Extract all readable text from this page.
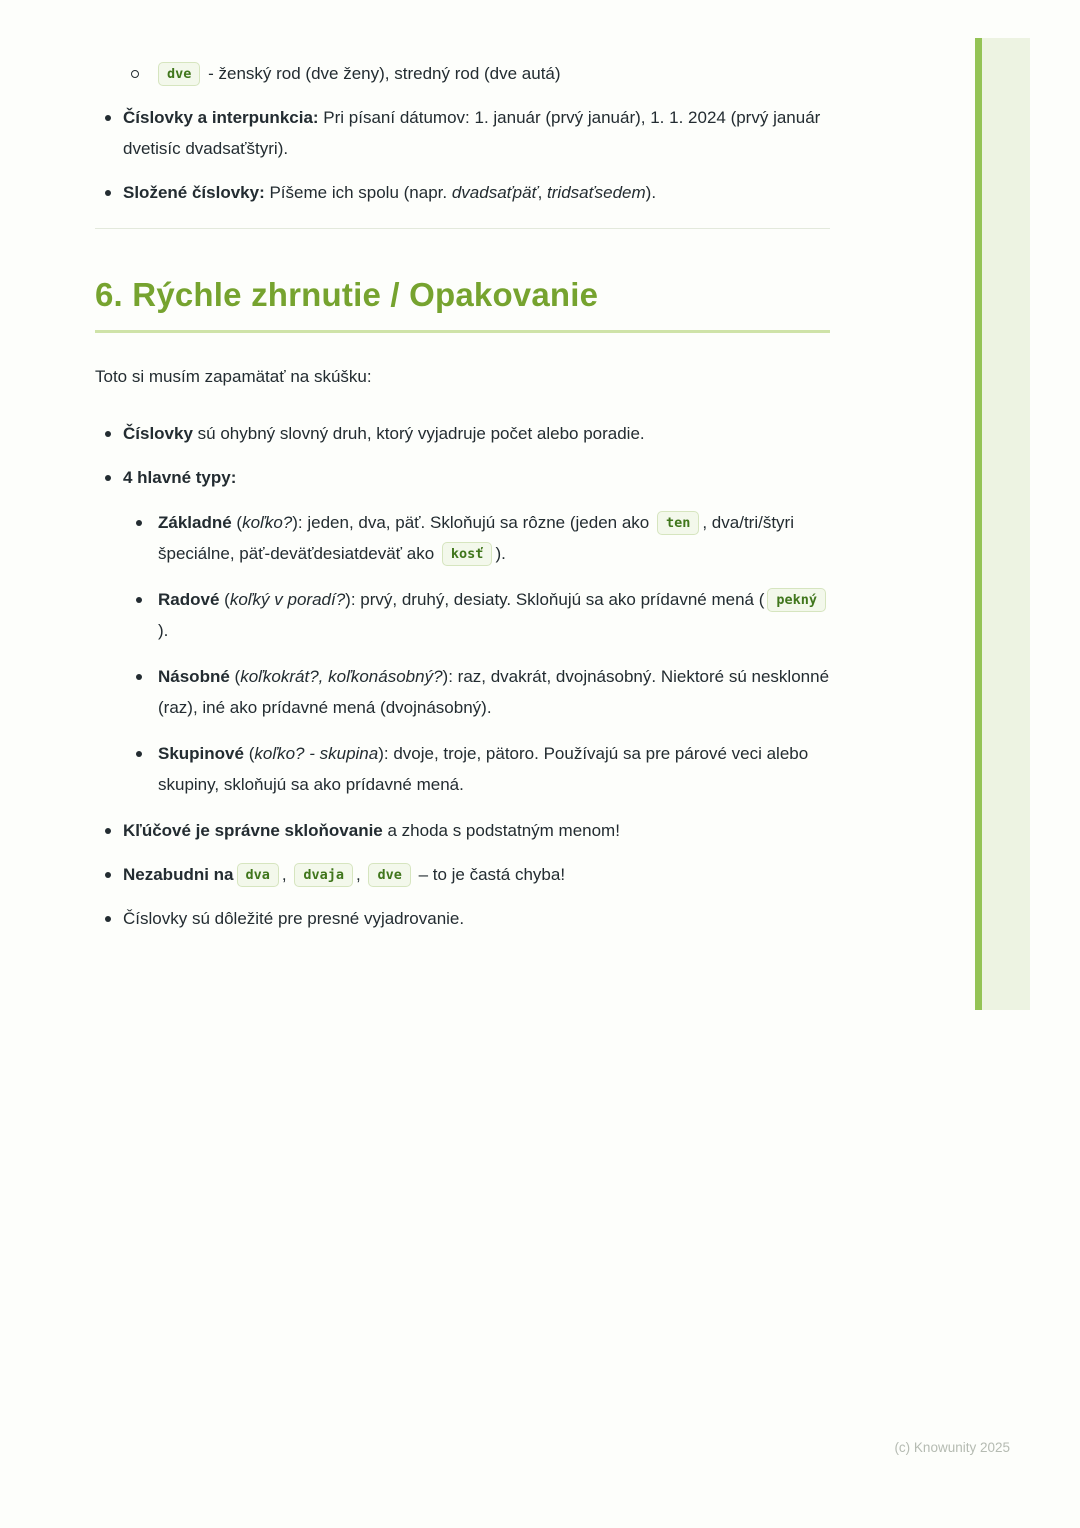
dve - ženský rod (dve ženy), stredný rod (dve autá)
Číslovky a interpunkcia: Pri písaní dátumov: 1. január (prvý január), 1. 1. 2024 (prvý január dvetisíc dvadsaťštyri).
Složené číslovky: Píšeme ich spolu (napr. dvadsaťpäť, tridsaťsedem).
6. Rýchle zhrnutie / Opakovanie

Toto si musím zapamätať na skúšku:

Číslovky sú ohybný slovný druh, ktorý vyjadruje počet alebo poradie.
4 hlavné typy:
Základné (koľko?): jeden, dva, päť. Skloňujú sa rôzne (jeden ako ten , dva/tri/štyri špeciálne, päť-deväťdesiatdeväť ako kosť ).
Radové (koľký v poradí?): prvý, druhý, desiaty. Skloňujú sa ako prídavné mená ( pekný).
Násobné (koľkokrát?, koľkonásobný?): raz, dvakrát, dvojnásobný. Niektoré sú nesklonné (raz), iné ako prídavné mená (dvojnásobný).
Skupinové (koľko? - skupina): dvoje, troje, pätoro. Používajú sa pre párové veci alebo skupiny, skloňujú sa ako prídavné mená.
Kľúčové je správne skloňovanie a zhoda s podstatným menom!
Nezabudni na dva , dvaja , dve – to je častá chyba!
Číslovky sú dôležité pre presné vyjadrovanie.
(c) Knowunity 2025
